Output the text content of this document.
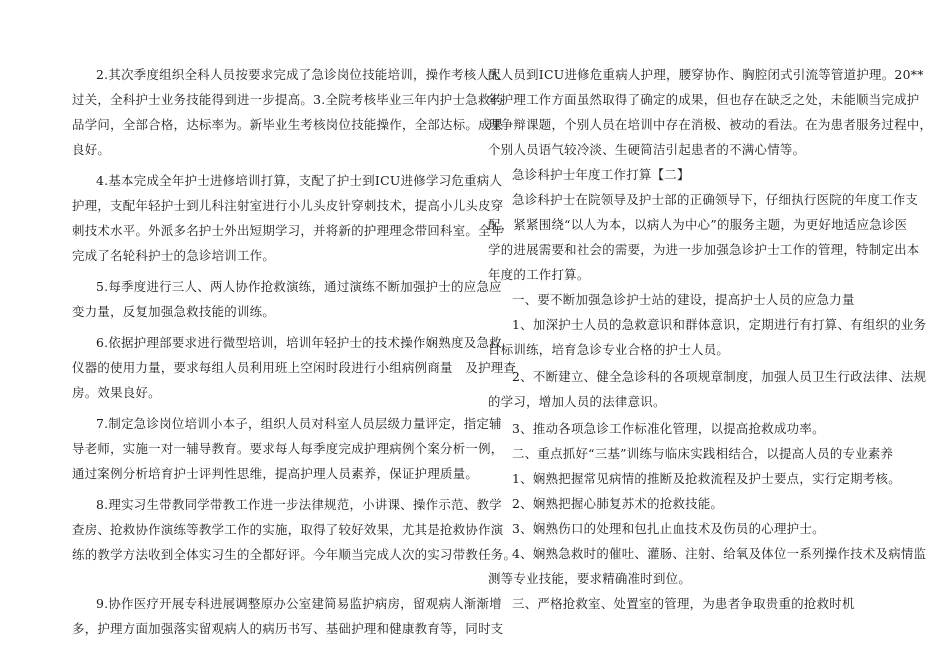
2.其次季度组织全科人员按要求完成了急诊岗位技能培训，操作考核人人
过关，全科护士业务技能得到进一步提高。3.全院考核毕业三年内护士急救药
品学问，全部合格，达标率为。新毕业生考核岗位技能操作，全部达标。成果
良好。
4.基本完成全年护士进修培训打算，支配了护士到ICU进修学习危重病人
护理，支配年轻护士到儿科注射室进行小儿头皮针穿刺技术，提高小儿头皮穿
刺技术水平。外派多名护士外出短期学习，并将新的护理理念带回科室。全年
完成了名轮科护士的急诊培训工作。
5.每季度进行三人、两人协作抢救演练，通过演练不断加强护士的应急应
变力量，反复加强急救技能的训练。
6.依据护理部要求进行微型培训，培训年轻护士的技术操作娴熟度及急救
仪器的使用力量，要求每组人员利用班上空闲时段进行小组病例商量　及护理查
房。效果良好。
7.制定急诊岗位培训小本子，组织人员对科室人员层级力量评定，指定辅
导老师，实施一对一辅导教育。要求每人每季度完成护理病例个案分析一例，
通过案例分析培育护士评判性思维，提高护理人员素养，保证护理质量。
8.理实习生带教同学带教工作进一步法律规范，小讲课、操作示范、教学
查房、抢救协作演练等教学工作的实施，取得了较好效果，尤其是抢救协作演
练的教学方法收到全体实习生的全都好评。今年顺当完成人次的实习带教任务。
9.协作医疗开展专科进展调整原办公室建简易监护病房，留观病人渐渐增
多，护理方面加强落实留观病人的病历书写、基础护理和健康教育等，同时支
配人员到ICU进修危重病人护理，腰穿协作、胸腔闭式引流等管道护理。20**
年护理工作方面虽然取得了确定的成果，但也存在缺乏之处，未能顺当完成护
理争辩课题，个别人员在培训中存在消极、被动的看法。在为患者服务过程中，
个别人员语气较冷淡、生硬简洁引起患者的不满心情等。
急诊科护士年度工作打算【二】
急诊科护士在院领导及护士部的正确领导下，仔细执行医院的年度工作支
配，紧紧围绕“以人为本，以病人为中心”的服务主题，为更好地适应急诊医
学的进展需要和社会的需要，为进一步加强急诊护士工作的管理，特制定出本
年度的工作打算。
一、要不断加强急诊护士站的建设，提高护士人员的应急力量
1、加深护士人员的急救意识和群体意识，定期进行有打算、有组织的业务
目标训练，培育急诊专业合格的护士人员。
2、不断建立、健全急诊科的各项规章制度，加强人员卫生行政法律、法规
的学习，增加人员的法律意识。
3、推动各项急诊工作标准化管理，以提高抢救成功率。
二、重点抓好“三基”训练与临床实践相结合，以提高人员的专业素养
1、娴熟把握常见病情的推断及抢救流程及护士要点，实行定期考核。
2、娴熟把握心肺复苏术的抢救技能。
3、娴熟伤口的处理和包扎止血技术及伤员的心理护士。
4、娴熟急救时的催吐、灌肠、注射、给氧及体位一系列操作技术及病情监
测等专业技能，要求精确准时到位。
三、严格抢救室、处置室的管理，为患者争取贵重的抢救时机
